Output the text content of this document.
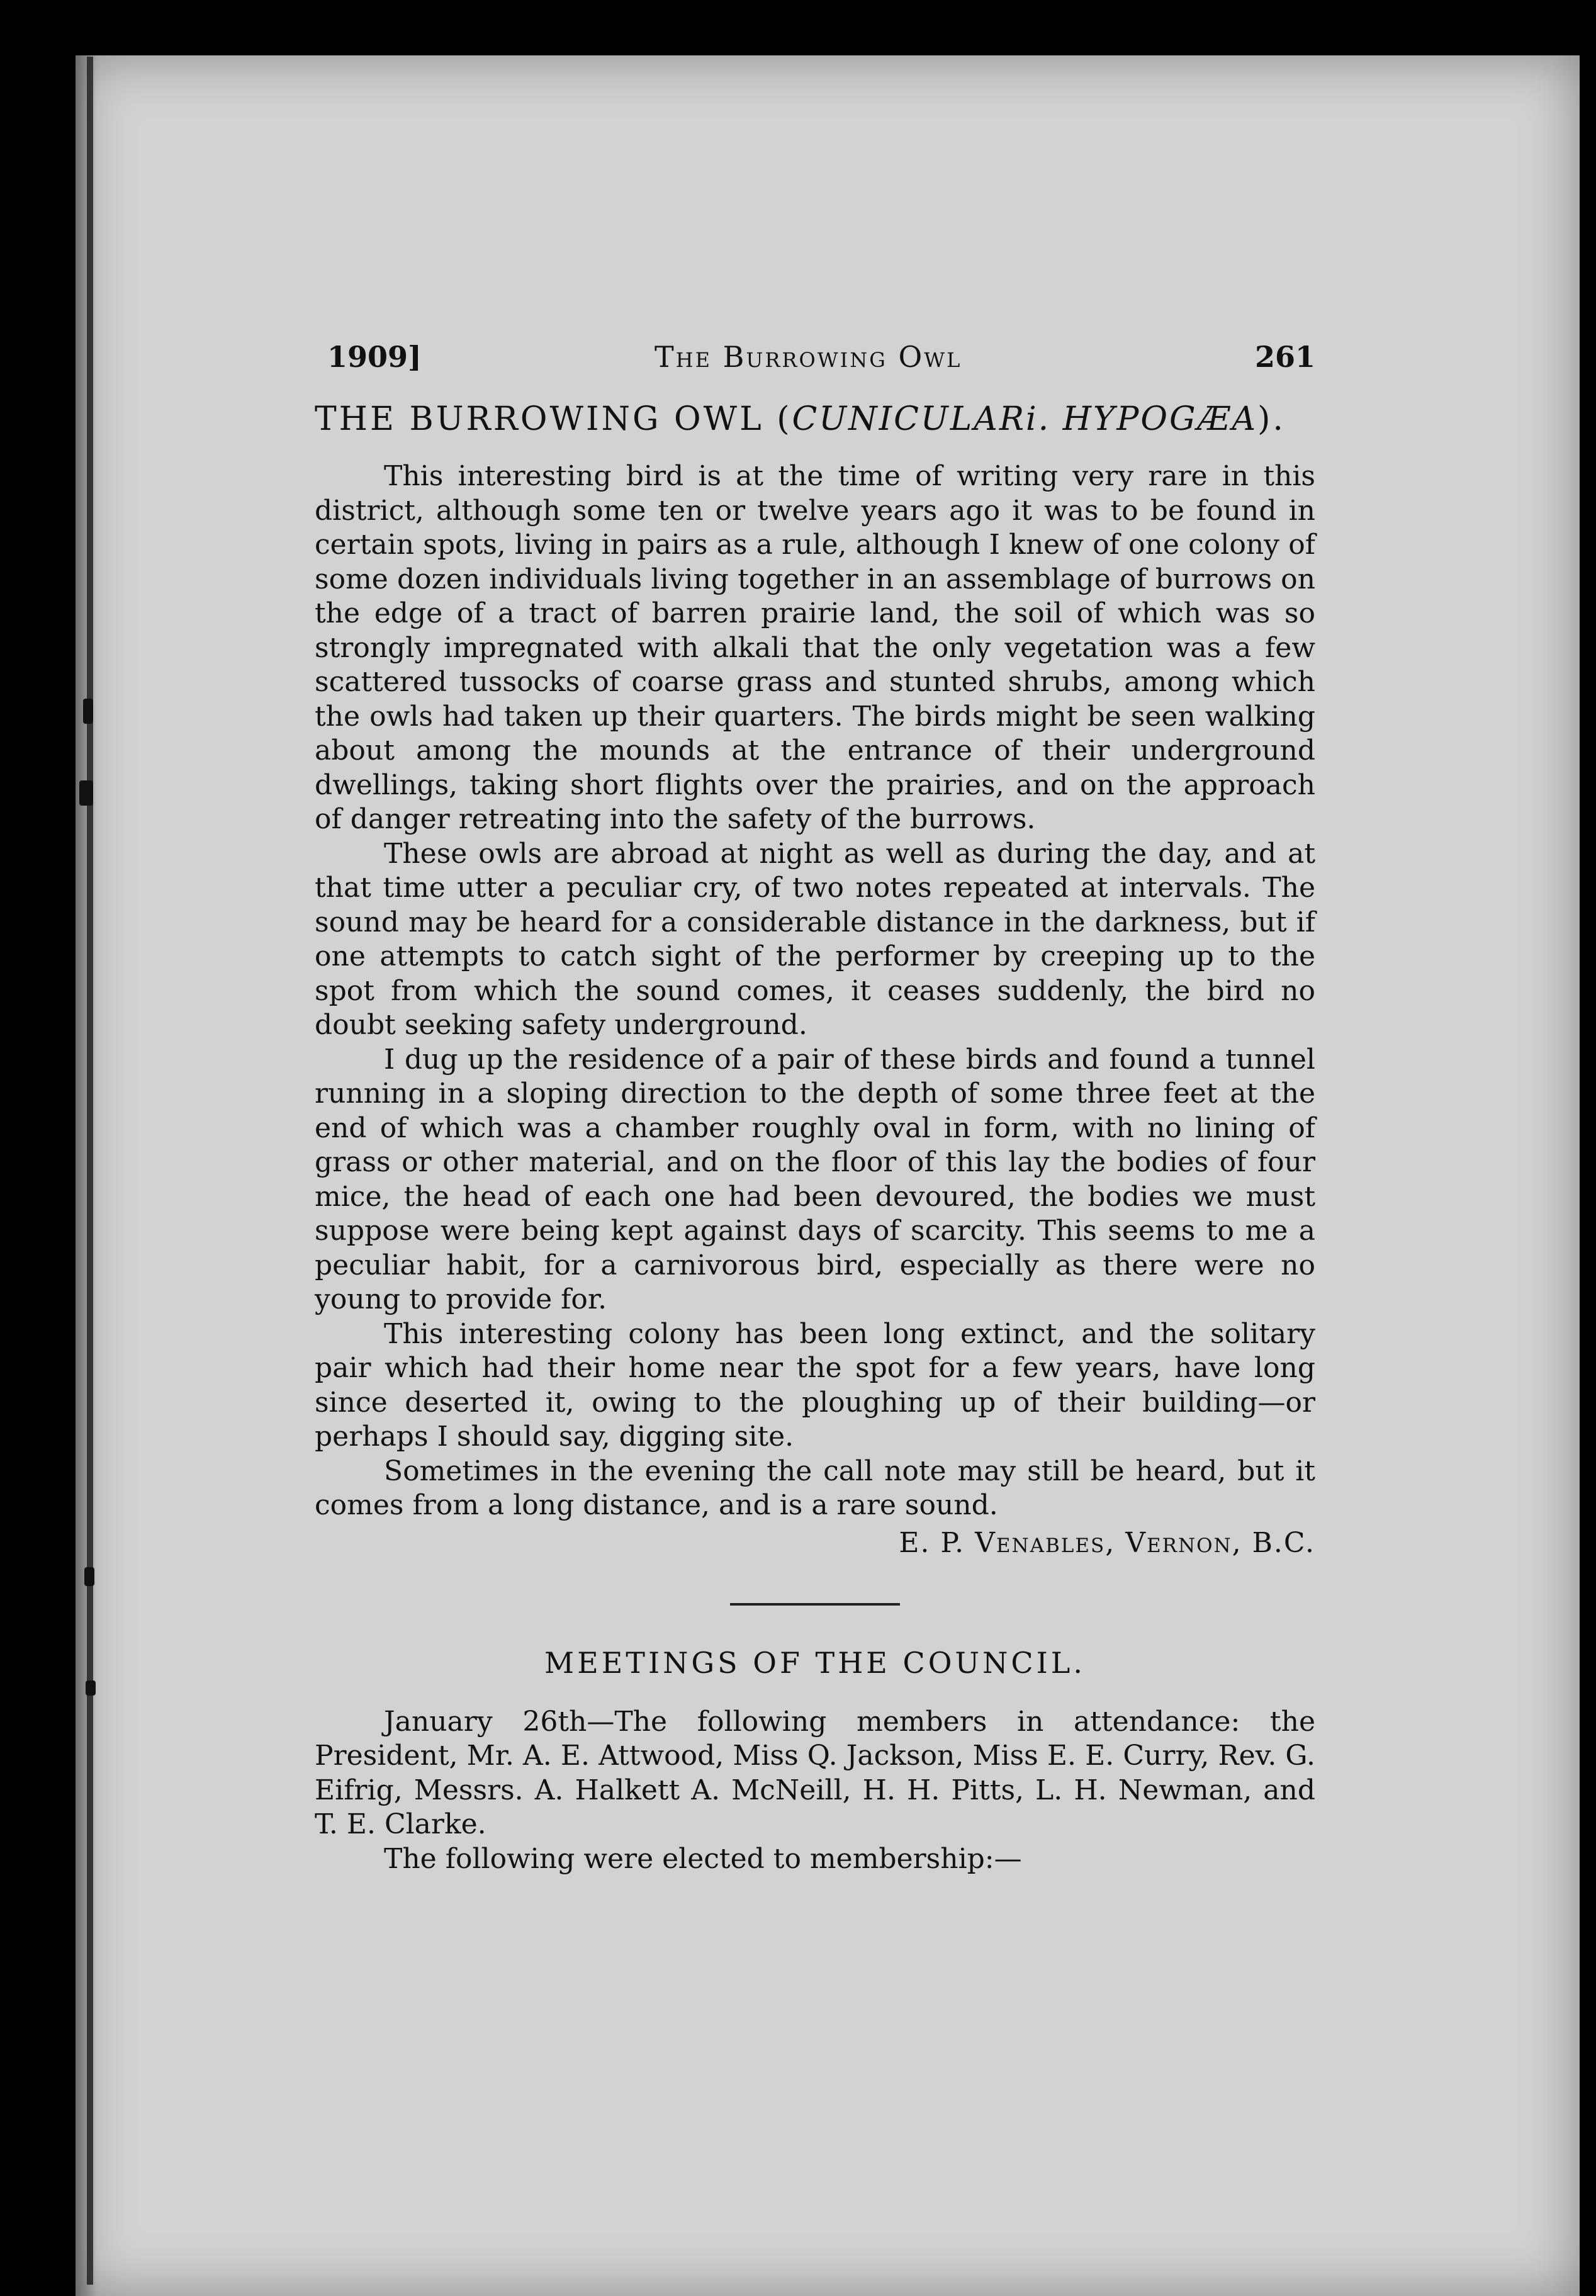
1909]	The Burrowing Owl	261
THE BURROWING OWL (CUNICULARi. HYPOGÆA).

This interesting bird is at the time of writing very rare in this district, although some ten or twelve years ago it was to be found in certain spots, living in pairs as a rule, although I knew of one colony of some dozen individuals living together in an assemblage of burrows on the edge of a tract of barren prairie land, the soil of which was so strongly impregnated with alkali that the only vegetation was a few scattered tussocks of coarse grass and stunted shrubs, among which the owls had taken up their quarters. The birds might be seen walking about among the mounds at the entrance of their underground dwellings, taking short flights over the prairies, and on the approach of danger retreating into the safety of the burrows.

These owls are abroad at night as well as during the day, and at that time utter a peculiar cry, of two notes repeated at intervals. The sound may be heard for a considerable distance in the darkness, but if one attempts to catch sight of the performer by creeping up to the spot from which the sound comes, it ceases suddenly, the bird no doubt seeking safety underground.

I dug up the residence of a pair of these birds and found a tunnel running in a sloping direction to the depth of some three feet at the end of which was a chamber roughly oval in form, with no lining of grass or other material, and on the floor of this lay the bodies of four mice, the head of each one had been devoured, the bodies we must suppose were being kept against days of scarcity. This seems to me a peculiar habit, for a carnivorous bird, especially as there were no young to provide for.

This interesting colony has been long extinct, and the solitary pair which had their home near the spot for a few years, have long since deserted it, owing to the ploughing up of their building—or perhaps I should say, digging site.

Sometimes in the evening the call note may still be heard, but it comes from a long distance, and is a rare sound.

E. P. Venables, Vernon, B.C.
MEETINGS OF THE COUNCIL.

January 26th—The following members in attendance: the President, Mr. A. E. Attwood, Miss Q. Jackson, Miss E. E. Curry, Rev. G. Eifrig, Messrs. A. Halkett A. McNeill, H. H. Pitts, L. H. Newman, and T. E. Clarke.

The following were elected to membership:—
